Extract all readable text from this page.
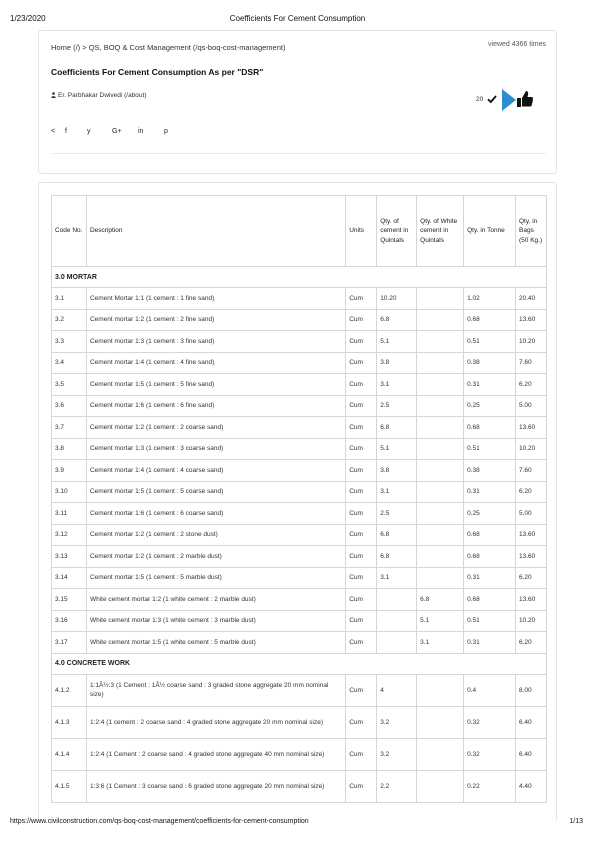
1/23/2020	Coefficients For Cement Consumption
Home (/) > QS, BOQ & Cost Management (/qs-boq-cost-management)	viewed 4366 times
Coefficients For Cement Consumption As per "DSR"
Er. Parbhakar Dwivedi (/about)
20
< f	y	G+ in	p
Code No.	Description	Units	Qty. of cement in Quintals	Qty. of White cement in Quintals	Qty. in Tonne	Qty. in Bags (50 Kg.)
3.0 MORTAR						
3.1	Cement Mortar 1:1 (1 cement : 1 fine sand)	Cum	10.20		1.02	20.40
3.2	Cement mortar 1:2 (1 cement : 2 fine sand)	Cum	6.8		0.68	13.60
3.3	Cement mortar 1:3 (1 cement : 3 fine sand)	Cum	5.1		0.51	10.20
3.4	Cement mortar 1:4 (1 cement : 4 fine sand)	Cum	3.8		0.38	7.60
3.5	Cement mortar 1:5 (1 cement : 5 fine sand)	Cum	3.1		0.31	6.20
3.6	Cement mortar 1:6 (1 cement : 6 fine sand)	Cum	2.5		0.25	5.00
3.7	Cement mortar 1:2 (1 cement : 2 coarse sand)	Cum	6.8		0.68	13.60
3.8	Cement mortar 1:3 (1 cement : 3 coarse sand)	Cum	5.1		0.51	10.20
3.9	Cement mortar 1:4 (1 cement : 4 coarse sand)	Cum	3.8		0.38	7.60
3.10	Cement mortar 1:5 (1 cement : 5 coarse sand)	Cum	3.1		0.31	6.20
3.11	Cement mortar 1:6 (1 cement : 6 coarse sand)	Cum	2.5		0.25	5.00
3.12	Cement mortar 1:2 (1 cement : 2 stone dust)	Cum	6.8		0.68	13.60
3.13	Cement mortar 1:2 (1 cement : 2 marble dust)	Cum	6.8		0.68	13.60
3.14	Cement mortar 1:5 (1 cement : 5 marble dust)	Cum	3.1		0.31	6.20
3.15	White cement mortar 1:2 (1 white cement : 2 marble dust)	Cum		6.8	0.68	13.60
3.16	White cement mortar 1:3 (1 white cement : 3 marble dust)	Cum		5.1	0.51	10.20
3.17	White cement mortar 1:5 (1 white cement : 5 marble dust)	Cum		3.1	0.31	6.20
4.0 CONCRETE WORK						
4.1.2	1:1Â½:3 (1 Cement : 1Â½ coarse sand : 3 graded stone aggregate 20 mm nominal size)	Cum	4		0.4	8.00
4.1.3	1:2:4 (1 cement : 2 coarse sand : 4 graded stone aggregate 20 mm nominal size)	Cum	3.2		0.32	6.40
4.1.4	1:2:4 (1 Cement : 2 coarse sand : 4 graded stone aggregate 40 mm nominal size)	Cum	3.2		0.32	6.40
4.1.5	1:3:6 (1 Cement : 3 coarse sand : 6 graded stone aggregate 20 mm nominal size)	Cum	2.2		0.22	4.40
https://www.civilconstruction.com/qs-boq-cost-management/coefficients-for-cement-consumption	1/13
